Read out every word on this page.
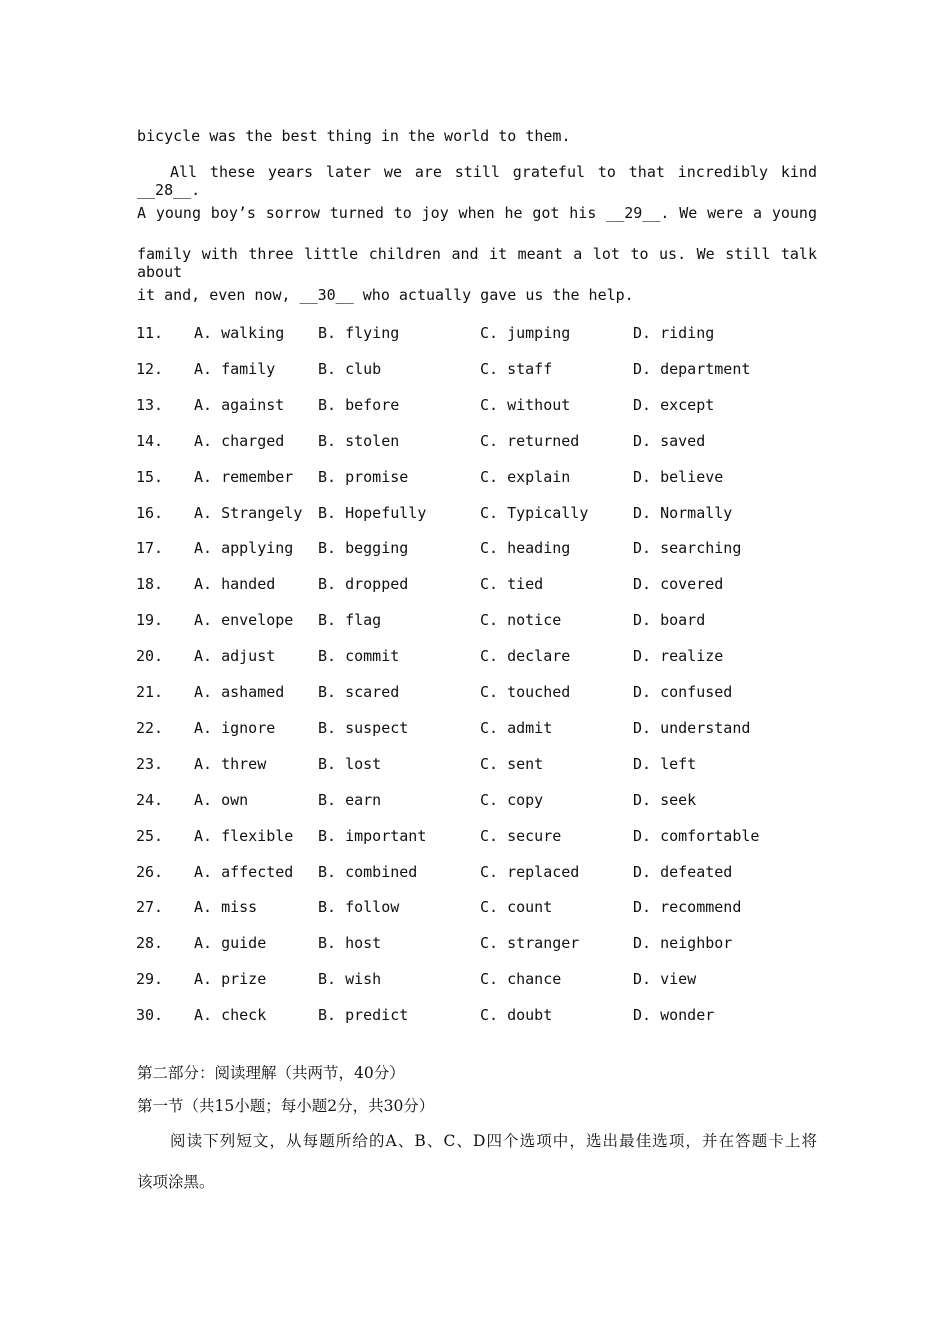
bicycle was the best thing in the world to them.
All these years later we are still grateful to that incredibly kind __28__.
A young boy’s sorrow turned to joy when he got his __29__. We were a young
family with three little children and it meant a lot to us. We still talk about
it and, even now, __30__ who actually gave us the help.
11. A. walking B. flying	C. jumping	D. riding
12. A. family	B. club	C. staff	D. department
13. A. against B. before	C. without	D. except
14. A. charged B. stolen	C. returned	D. saved
15. A. remember B. promise	C. explain	D. believe
16. A. Strangely B. Hopefully	C. Typically	D. Normally
17. A. applying B. begging	C. heading	D. searching
18. A. handed	B. dropped	C. tied	D. covered
19. A. envelope B. flag	C. notice	D. board
20. A. adjust	B. commit	C. declare	D. realize
21. A. ashamed B. scared	C. touched	D. confused
22. A. ignore	B. suspect	C. admit	D. understand
23. A. threw	B. lost	C. sent	D. left
24. A. own	B. earn	C. copy	D. seek
25. A. flexible B. important	C. secure	D. comfortable
26. A. affected B. combined	C. replaced	D. defeated
27. A. miss	B. follow	C. count	D. recommend
28. A. guide	B. host	C. stranger	D. neighbor
29. A. prize	B. wish	C. chance	D. view
30. A. check	B. predict	C. doubt	D. wonder
第二部分：阅读理解（共两节，40分）
第一节（共15小题；每小题2分，共30分）
阅读下列短文，从每题所给的A、B、C、D四个选项中，选出最佳选项，并在答题卡上将
该项涂黑。
